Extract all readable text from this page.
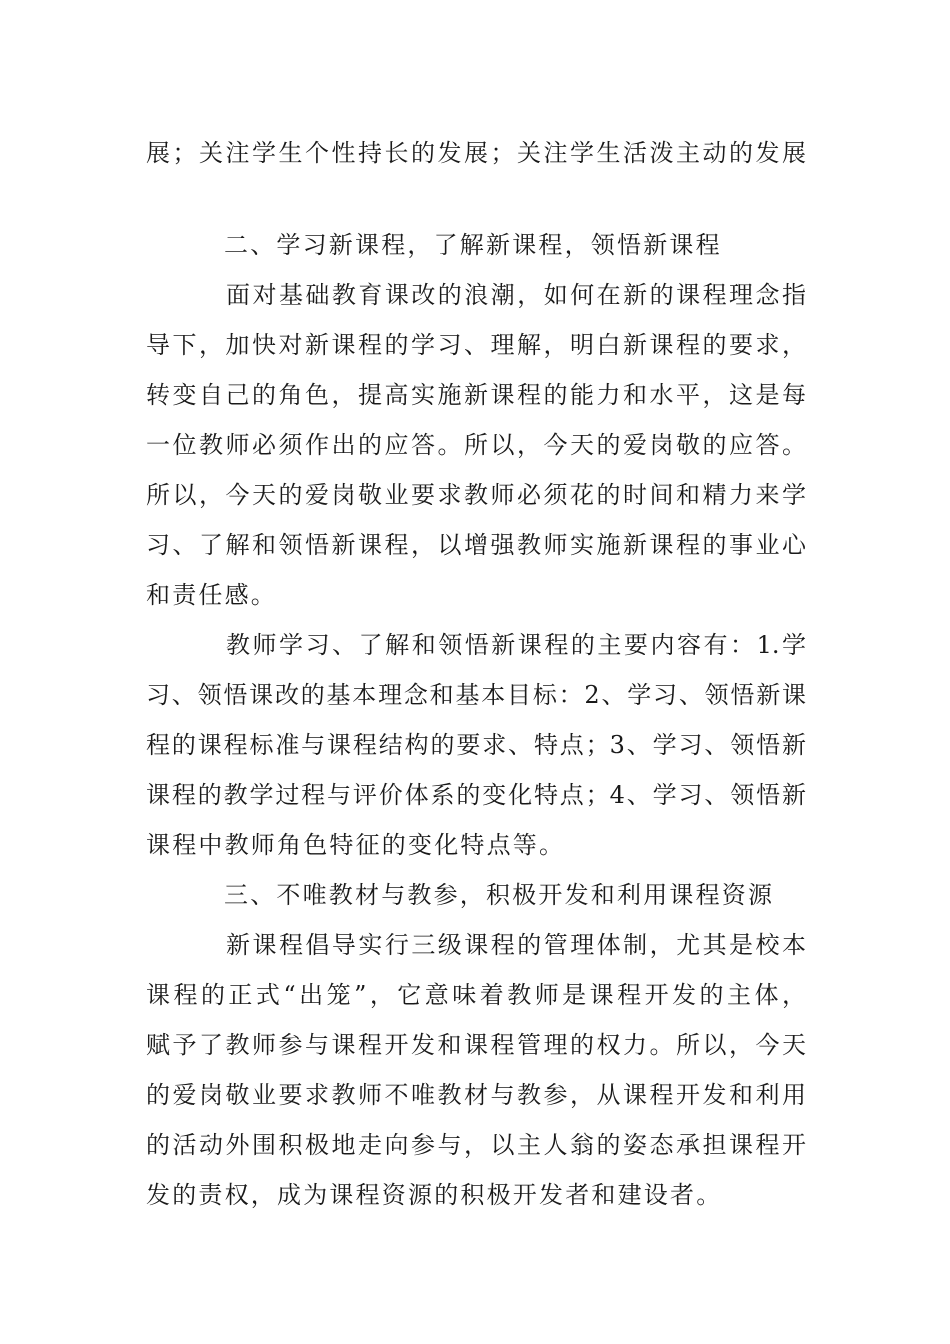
展；关注学生个性持长的发展；关注学生活泼主动的发展
二、学习新课程，了解新课程，领悟新课程
面对基础教育课改的浪潮，如何在新的课程理念指
导下，加快对新课程的学习、理解，明白新课程的要求，
转变自己的角色，提高实施新课程的能力和水平，这是每
一位教师必须作出的应答。所以，今天的爱岗敬的应答。
所以，今天的爱岗敬业要求教师必须花的时间和精力来学
习、了解和领悟新课程，以增强教师实施新课程的事业心
和责任感。
教师学习、了解和领悟新课程的主要内容有：1.学
习、领悟课改的基本理念和基本目标：2、学习、领悟新课
程的课程标准与课程结构的要求、特点；3、学习、领悟新
课程的教学过程与评价体系的变化特点；4、学习、领悟新
课程中教师角色特征的变化特点等。
三、不唯教材与教参，积极开发和利用课程资源
新课程倡导实行三级课程的管理体制，尤其是校本
课程的正式“出笼”，它意味着教师是课程开发的主体，
赋予了教师参与课程开发和课程管理的权力。所以，今天
的爱岗敬业要求教师不唯教材与教参，从课程开发和利用
的活动外围积极地走向参与，以主人翁的姿态承担课程开
发的责权，成为课程资源的积极开发者和建设者。
